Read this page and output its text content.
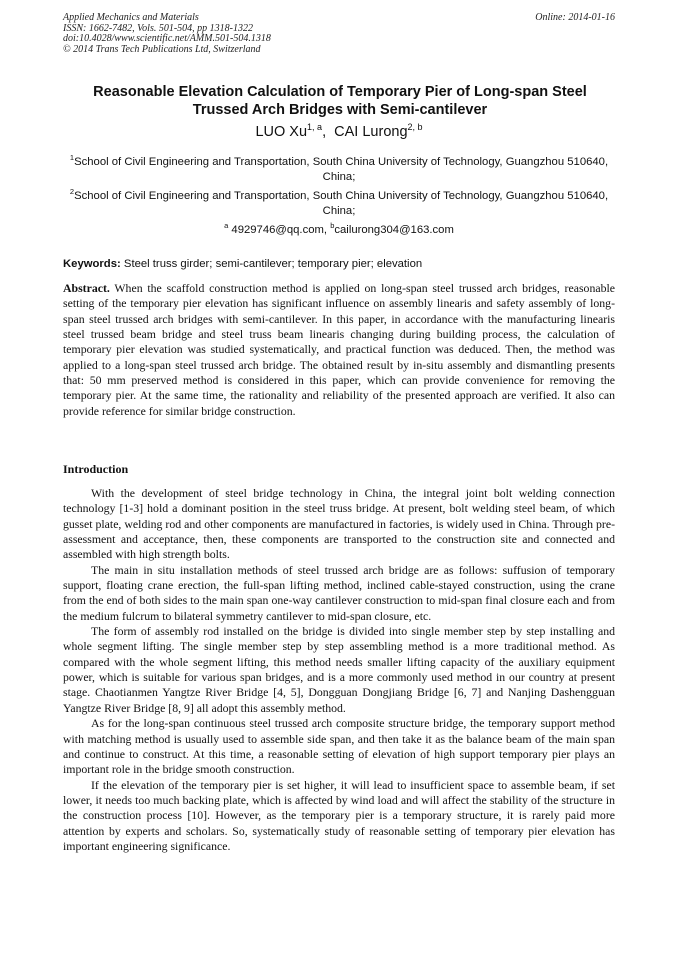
Applied Mechanics and Materials
ISSN: 1662-7482, Vols. 501-504, pp 1318-1322
doi:10.4028/www.scientific.net/AMM.501-504.1318
© 2014 Trans Tech Publications Ltd, Switzerland
Online: 2014-01-16
Reasonable Elevation Calculation of Temporary Pier of Long-span Steel
Trussed Arch Bridges with Semi-cantilever
LUO Xu$^{1, a}$,  CAI Lurong$^{2, b}$
$^1$School of Civil Engineering and Transportation, South China University of Technology, Guangzhou 510640, China;
$^2$School of Civil Engineering and Transportation, South China University of Technology, Guangzhou 510640, China;
$^a$ 4929746@qq.com, $^b$cailurong304@163.com
Keywords: Steel truss girder; semi-cantilever; temporary pier; elevation

Abstract. When the scaffold construction method is applied on long-span steel trussed arch bridges, reasonable setting of the temporary pier elevation has significant influence on assembly linearis and safety assembly of long-span steel trussed arch bridges with semi-cantilever. In this paper, in accordance with the manufacturing linearis steel trussed beam bridge and steel truss beam linearis changing during building process, the calculation of temporary pier elevation was studied systematically, and practical function was deduced. Then, the method was applied to a long-span steel trussed arch bridge. The obtained result by in-situ assembly and dismantling presents that: 50 mm preserved method is considered in this paper, which can provide convenience for removing the temporary pier. At the same time, the rationality and reliability of the presented approach are verified. It also can provide reference for similar bridge construction.

Introduction

With the development of steel bridge technology in China, the integral joint bolt welding connection technology [1-3] hold a dominant position in the steel truss bridge. At present, bolt welding steel beam, of which gusset plate, welding rod and other components are manufactured in factories, is widely used in China. Through pre-assessment and acceptance, then, these components are transported to the construction site and connected and assembled with high strength bolts.

The main in situ installation methods of steel trussed arch bridge are as follows: suffusion of temporary support, floating crane erection, the full-span lifting method, inclined cable-stayed construction, using the crane from the end of both sides to the main span one-way cantilever construction to mid-span final closure each and from the medium fulcrum to bilateral symmetry cantilever to mid-span closure, etc.

The form of assembly rod installed on the bridge is divided into single member step by step installing and whole segment lifting. The single member step by step assembling method is a more traditional method. As compared with the whole segment lifting, this method needs smaller lifting capacity of the auxiliary equipment power, which is suitable for various span bridges, and is a more commonly used method in our country at present stage. Chaotianmen Yangtze River Bridge [4, 5], Dongguan Dongjiang Bridge [6, 7] and Nanjing Dashengguan Yangtze River Bridge [8, 9] all adopt this assembly method.

As for the long-span continuous steel trussed arch composite structure bridge, the temporary support method with matching method is usually used to assemble side span, and then take it as the balance beam of the main span and continue to construct. At this time, a reasonable setting of elevation of high support temporary pier plays an important role in the bridge smooth construction.

If the elevation of the temporary pier is set higher, it will lead to insufficient space to assemble beam, if set lower, it needs too much backing plate, which is affected by wind load and will affect the stability of the structure in the construction process [10]. However, as the temporary pier is a temporary structure, it is rarely paid more attention by experts and scholars. So, systematically study of reasonable setting of temporary pier elevation has important engineering significance.
